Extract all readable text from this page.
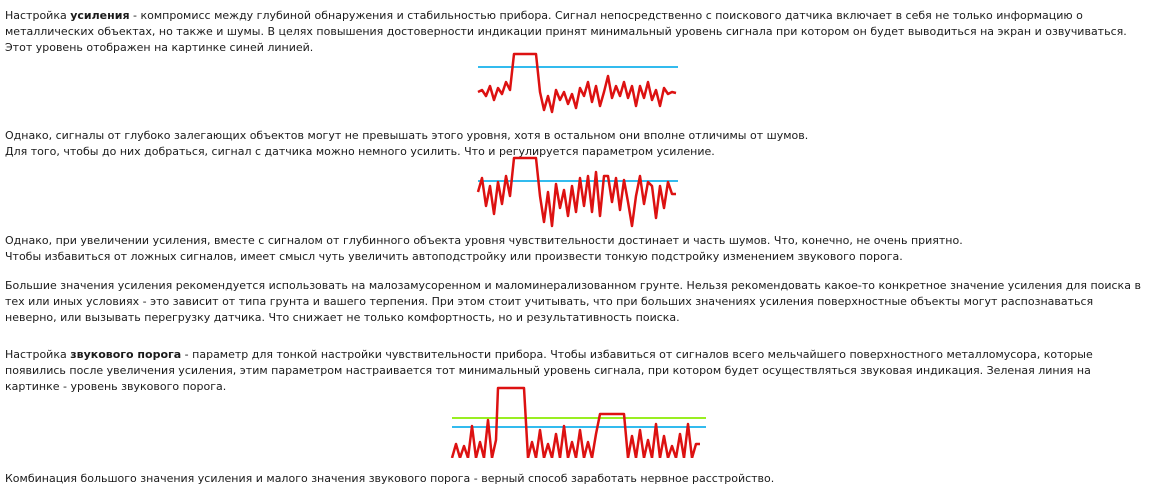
Настройка усиления - компромисс между глубиной обнаружения и стабильностью прибора. Сигнал непосредственно с поискового датчика включает в себя не только информацию о металлических объектах, но также и шумы. В целях повышения достоверности индикации принят минимальный уровень сигнала при котором он будет выводиться на экран и озвучиваться. Этот уровень отображен на картинке синей линией.

Однако, сигналы от глубоко залегающих объектов могут не превышать этого уровня, хотя в остальном они вполне отличимы от шумов.
Для того, чтобы до них добраться, сигнал с датчика можно немного усилить. Что и регулируется параметром усиление.

Однако, при увеличении усиления, вместе с сигналом от глубинного объекта уровня чувствительности достинает и часть шумов. Что, конечно, не очень приятно.
Чтобы избавиться от ложных сигналов, имеет смысл чуть увеличить автоподстройку или произвести тонкую подстройку изменением звукового порога.

Большие значения усиления рекомендуется использовать на малозамусоренном и маломинерализованном грунте. Нельзя рекомендовать какое-то конкретное значение усиления для поиска в тех или иных условиях - это зависит от типа грунта и вашего терпения. При этом стоит учитывать, что при больших значениях усиления поверхностные объекты могут распознаваться неверно, или вызывать перегрузку датчика. Что снижает не только комфортность, но и результативность поиска.

Настройка звукового порога - параметр для тонкой настройки чувствительности прибора. Чтобы избавиться от сигналов всего мельчайшего поверхностного металломусора, которые появились после увеличения усиления, этим параметром настраивается тот минимальный уровень сигнала, при котором будет осуществляться звуковая индикация. Зеленая линия на картинке - уровень звукового порога.

Комбинация большого значения усиления и малого значения звукового порога - верный способ заработать нервное расстройство.
